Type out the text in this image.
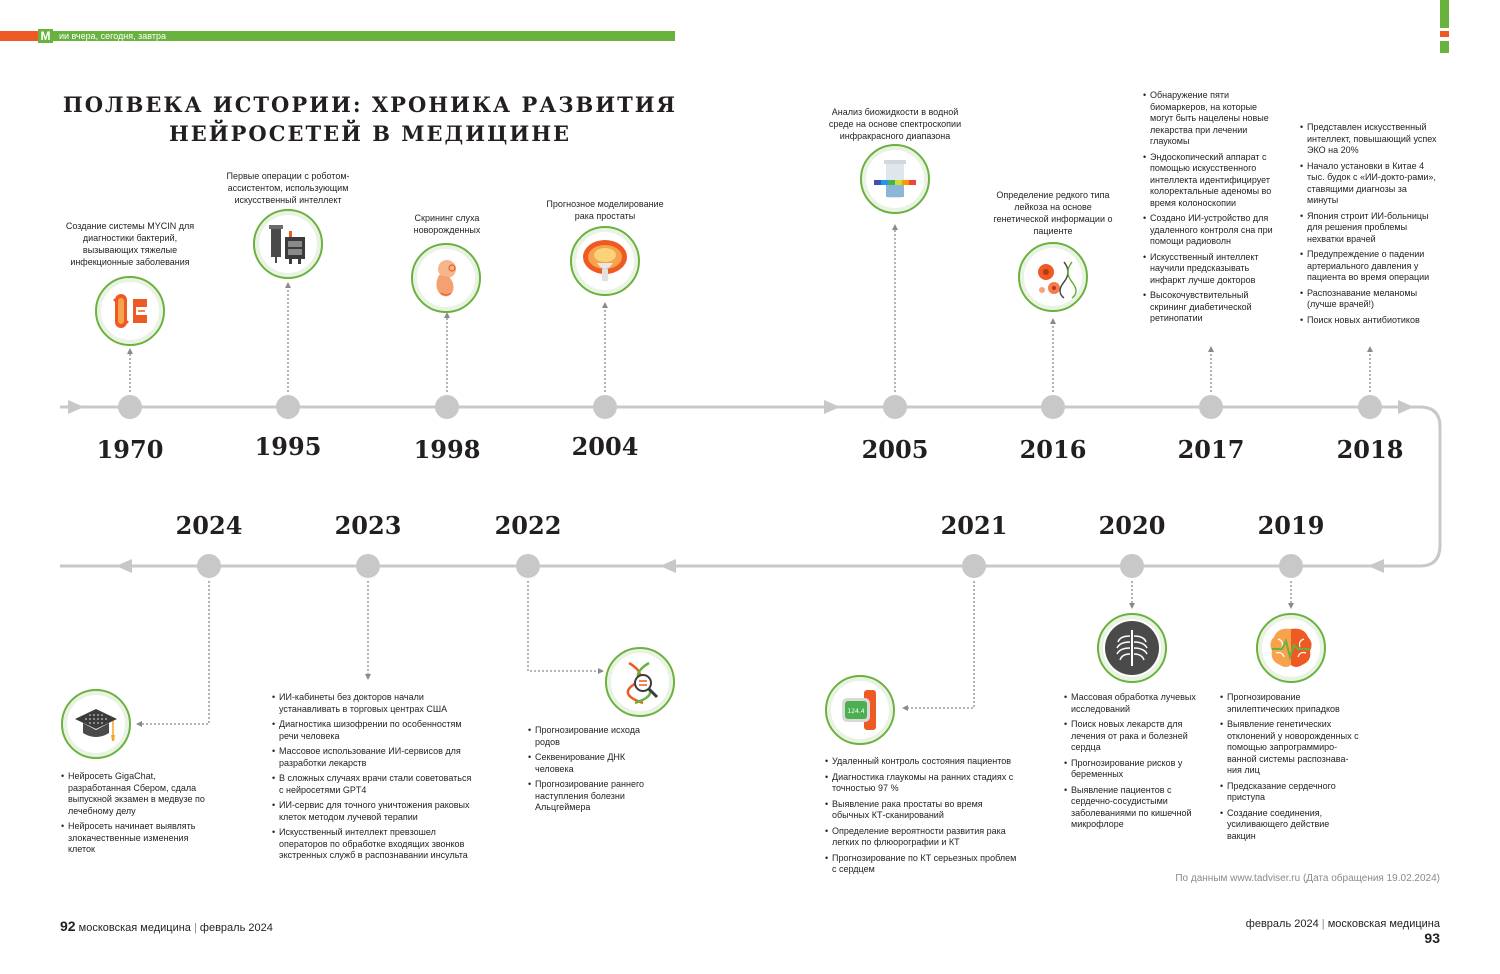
М ии вчера, сегодня, завтра
ПОЛВЕКА ИСТОРИИ: ХРОНИКА РАЗВИТИЯ
НЕЙРОСЕТЕЙ В МЕДИЦИНЕ
1970	1995	1998	2004	2005	2016	2017	2018
2024	2023	2022	2021	2020	2019
Создание системы MYCIN для диагностики бактерий, вызывающих тяжелые инфекционные заболевания
Первые операции с роботом-ассистентом, использующим искусственный интеллект
Скрининг слуха новорожденных
Прогнозное моделирование рака простаты
Анализ биожидкости в водной среде на основе спектроскопии инфракрасного диапазона
Определение редкого типа лейкоза на основе генетической информации о пациенте
• Обнаружение пяти биомаркеров, на которые могут быть нацелены новые лекарства при лечении глаукомы
• Эндоскопический аппарат с помощью искусственного интеллекта идентифицирует колоректальные аденомы во время колоноскопии
• Создано ИИ-устройство для удаленного контроля сна при помощи радиоволн
• Искусственный интеллект научили предсказывать инфаркт лучше докторов
• Высокочувствительный скрининг диабетической ретинопатии
• Представлен искусственный интеллект, повышающий успех ЭКО на 20%
• Начало установки в Китае 4 тыс. будок с «ИИ-докто-рами», ставящими диагнозы за минуты
• Япония строит ИИ-больницы для решения проблемы нехватки врачей
• Предупреждение о падении артериального давления у пациента во время операции
• Распознавание меланомы (лучше врачей!)
• Поиск новых антибиотиков
• Нейросеть GigaChat, разработанная Сбером, сдала выпускной экзамен в медвузе по лечебному делу
• Нейросеть начинает выявлять злокачественные изменения клеток
• ИИ-кабинеты без докторов начали устанавливать в торговых центрах США
• Диагностика шизофрении по особенностям речи человека
• Массовое использование ИИ-сервисов для разработки лекарств
• В сложных случаях врачи стали советоваться с нейросетями GPT4
• ИИ-сервис для точного уничтожения раковых клеток методом лучевой терапии
• Искусственный интеллект превзошел операторов по обработке входящих звонков экстренных служб в распознавании инсульта
• Прогнозирование исхода родов
• Секвенирование ДНК человека
• Прогнозирование раннего наступления болезни Альцгеймера
124.4
• Удаленный контроль состояния пациентов
• Диагностика глаукомы на ранних стадиях с точностью 97 %
• Выявление рака простаты во время обычных КТ-сканирований
• Определение вероятности развития рака легких по флюорографии и КТ
• Прогнозирование по КТ серьезных проблем с сердцем
• Массовая обработка лучевых исследований
• Поиск новых лекарств для лечения от рака и болезней сердца
• Прогнозирование рисков у беременных
• Выявление пациентов с сердечно-сосудистыми заболеваниями по кишечной микрофлоре
• Прогнозирование эпилептических припадков
• Выявление генетических отклонений у новорожденных с помощью запрограммиро-ванной системы распознава-ния лиц
• Предсказание сердечного приступа
• Создание соединения, усиливающего действие вакцин
По данным www.tadviser.ru (Дата обращения 19.02.2024)
92 московская медицина | февраль 2024	февраль 2024 | московская медицина 93
